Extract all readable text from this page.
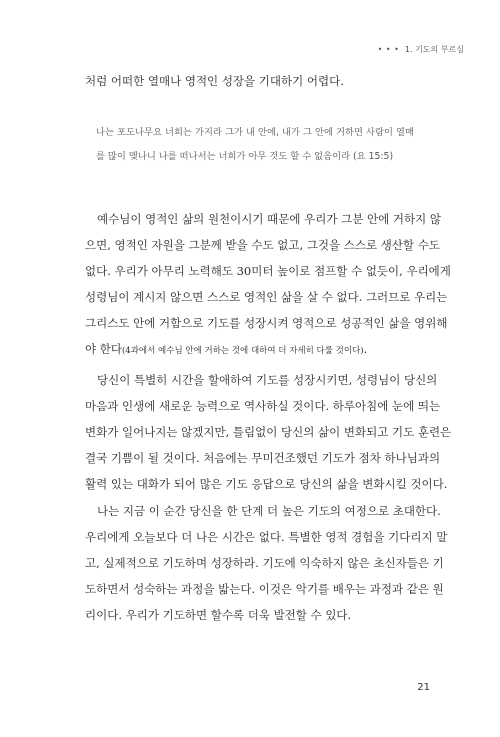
• • • 1. 기도의 부르심
처럼 어떠한 열매나 영적인 성장을 기대하기 어렵다.
나는 포도나무요 너희는 가지라 그가 내 안에, 내가 그 안에 거하면 사람이 열매
를 많이 맺나니 나를 떠나서는 너희가 아무 것도 할 수 없음이라 (요 15:5)
예수님이 영적인 삶의 원천이시기 때문에 우리가 그분 안에 거하지 않
으면, 영적인 자원을 그분께 받을 수도 없고, 그것을 스스로 생산할 수도
없다. 우리가 아무리 노력해도 30미터 높이로 점프할 수 없듯이, 우리에게
성령님이 계시지 않으면 스스로 영적인 삶을 살 수 없다. 그러므로 우리는
그리스도 안에 거함으로 기도를 성장시켜 영적으로 성공적인 삶을 영위해
야 한다(4과에서 예수님 안에 거하는 것에 대하여 더 자세히 다룰 것이다).
당신이 특별히 시간을 할애하여 기도를 성장시키면, 성령님이 당신의
마음과 인생에 새로운 능력으로 역사하실 것이다. 하루아침에 눈에 띄는
변화가 일어나지는 않겠지만, 틀림없이 당신의 삶이 변화되고 기도 훈련은
결국 기쁨이 될 것이다. 처음에는 무미건조했던 기도가 점차 하나님과의
활력 있는 대화가 되어 많은 기도 응답으로 당신의 삶을 변화시킬 것이다.
나는 지금 이 순간 당신을 한 단계 더 높은 기도의 여정으로 초대한다.
우리에게 오늘보다 더 나은 시간은 없다. 특별한 영적 경험을 기다리지 말
고, 실제적으로 기도하며 성장하라. 기도에 익숙하지 않은 초신자들은 기
도하면서 성숙하는 과정을 밟는다. 이것은 악기를 배우는 과정과 같은 원
리이다. 우리가 기도하면 할수록 더욱 발전할 수 있다.
21
